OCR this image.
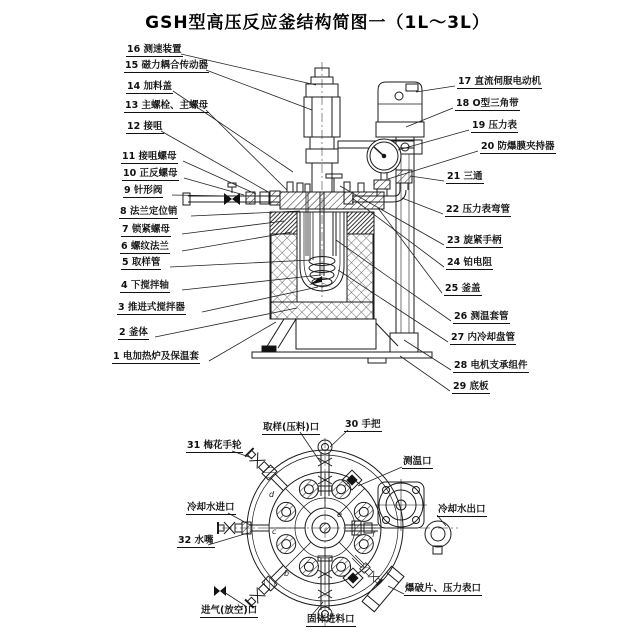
GSH型高压反应釜结构简图一（1L～3L）
16 测速装置
15 磁力耦合传动器
14 加料盖
13 主螺栓、主螺母
12 接咀
11 接咀螺母
10 正反螺母
9 针形阀
8 法兰定位销
7 锁紧螺母
6 螺纹法兰
5 取样管
4 下搅拌轴
3 推进式搅拌器
2 釜体
1 电加热炉及保温套
17 直流伺服电动机
18 O型三角带
19 压力表
20 防爆膜夹持器
21 三通
22 压力表弯管
23 旋紧手柄
24 铂电阻
25 釜盖
26 测温套管
27 内冷却盘管
28 电机支承组件
29 底板
31 梅花手轮
取样(压料)口	30 手把
测温口
冷却水出口
冷却水进口
32 水嘴
进气(放空)口
固体进料口
爆破片、压力表口
b
c
d
e
f
